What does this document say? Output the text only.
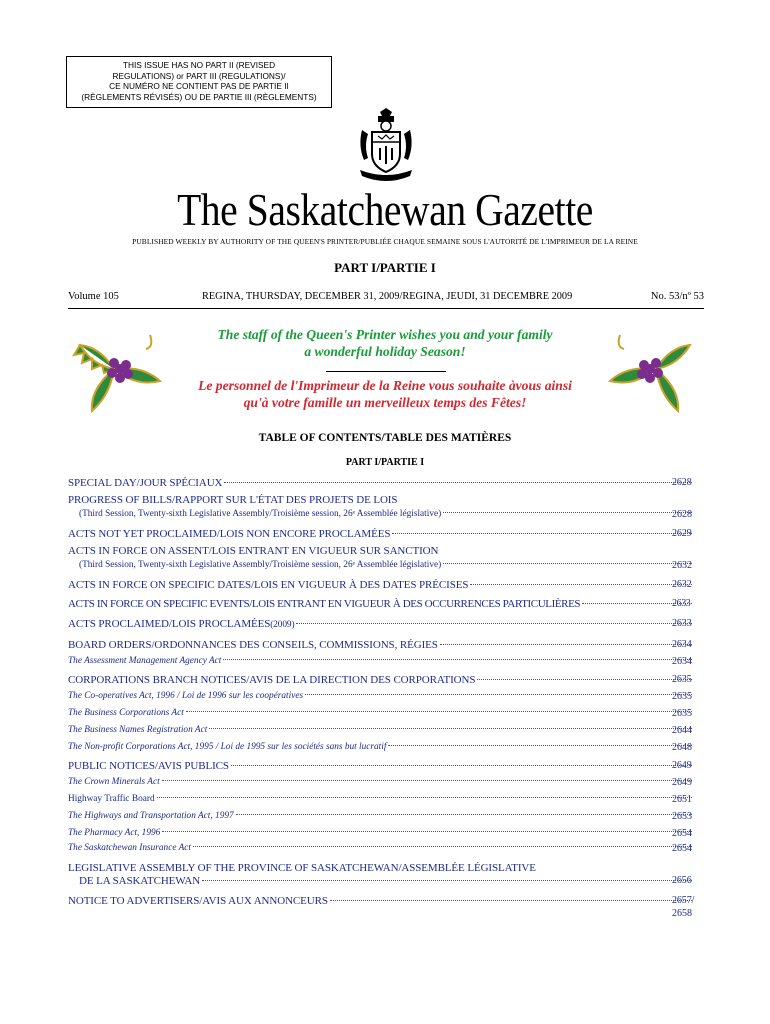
THIS ISSUE HAS NO PART II (REVISED
REGULATIONS) or PART III (REGULATIONS)/
CE NUMÉRO NE CONTIENT PAS DE PARTIE II
(RÈGLEMENTS RÉVISÉS) OU DE PARTIE III (RÈGLEMENTS)
The Saskatchewan Gazette
PUBLISHED WEEKLY BY AUTHORITY OF THE QUEEN'S PRINTER/PUBLIÉE CHAQUE SEMAINE SOUS L'AUTORITÉ DE L'IMPRIMEUR DE LA REINE
PART I/PARTIE I
Volume 105	REGINA, THURSDAY, DECEMBER 31, 2009/REGINA, JEUDI, 31 DECEMBRE 2009	No. 53/nº 53
The staff of the Queen's Printer wishes you and your family
a wonderful holiday Season!
Le personnel de l'Imprimeur de la Reine vous souhaite àvous ainsi
qu'à votre famille un merveilleux temps des Fêtes!
TABLE OF CONTENTS/TABLE DES MATIÈRES
PART I/PARTIE I
SPECIAL DAY/JOUR SPÉCIAUX	2628
PROGRESS OF BILLS/RAPPORT SUR L'ÉTAT DES PROJETS DE LOIS
(Third Session, Twenty-sixth Legislative Assembly/Troisième session, 26ᵉ Assemblée législative)	2628
ACTS NOT YET PROCLAIMED/LOIS NON ENCORE PROCLAMÉES	2629
ACTS IN FORCE ON ASSENT/LOIS ENTRANT EN VIGUEUR SUR SANCTION
(Third Session, Twenty-sixth Legislative Assembly/Troisième session, 26ᵉ Assemblée législative)	2632
ACTS IN FORCE ON SPECIFIC DATES/LOIS EN VIGUEUR À DES DATES PRÉCISES	2632
ACTS IN FORCE ON SPECIFIC EVENTS/LOIS ENTRANT EN VIGUEUR À DES OCCURRENCES PARTICULIÈRES	2633
ACTS PROCLAIMED/LOIS PROCLAMÉES (2009)	2633
BOARD ORDERS/ORDONNANCES DES CONSEILS, COMMISSIONS, RÉGIES	2634
The Assessment Management Agency Act	2634
CORPORATIONS BRANCH NOTICES/AVIS DE LA DIRECTION DES CORPORATIONS	2635
The Co-operatives Act, 1996 / Loi de 1996 sur les coopératives	2635
The Business Corporations Act	2635
The Business Names Registration Act	2644
The Non-profit Corporations Act, 1995 / Loi de 1995 sur les sociétés sans but lucratif	2648
PUBLIC NOTICES/AVIS PUBLICS	2649
The Crown Minerals Act	2649
Highway Traffic Board	2651
The Highways and Transportation Act, 1997	2653
The Pharmacy Act, 1996	2654
The Saskatchewan Insurance Act	2654
LEGISLATIVE ASSEMBLY OF THE PROVINCE OF SASKATCHEWAN/ASSEMBLÉE LÉGISLATIVE
DE LA SASKATCHEWAN	2656
NOTICE TO ADVERTISERS/AVIS AUX ANNONCEURS	2657/
2658
